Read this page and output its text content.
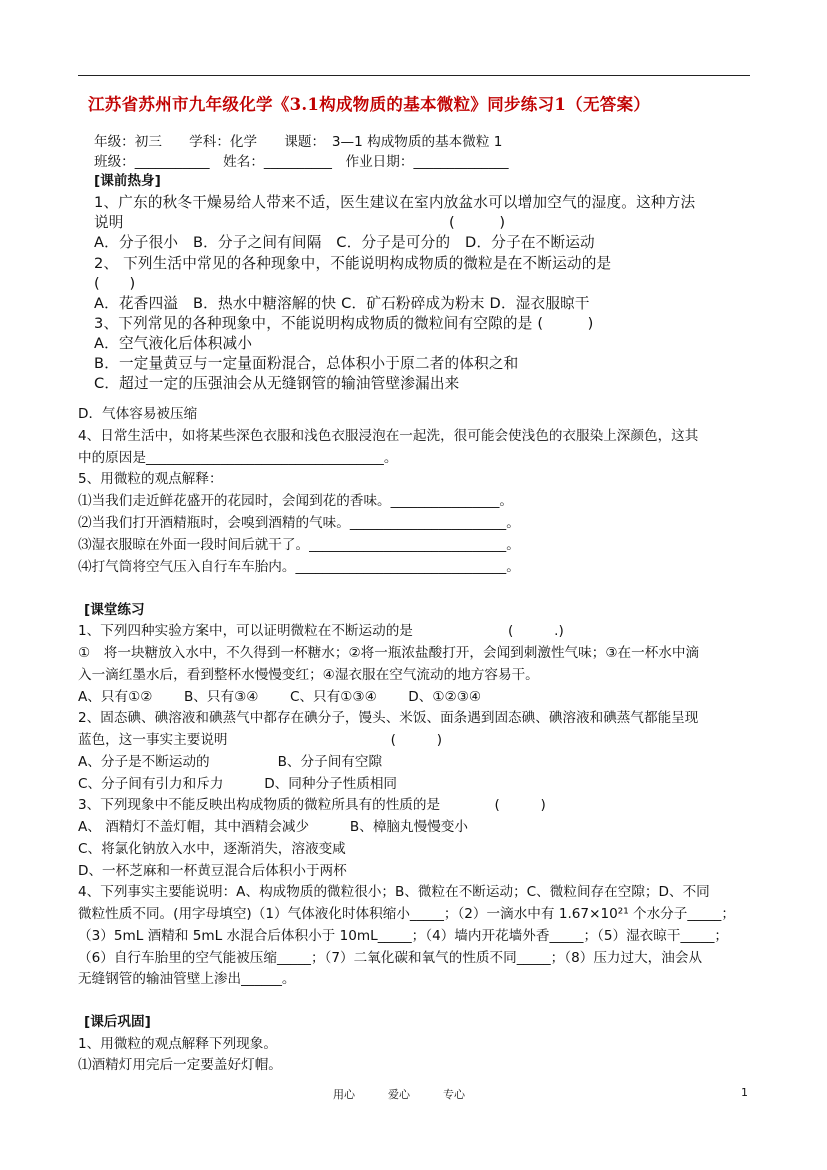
江苏省苏州市九年级化学《3.1构成物质的基本微粒》同步练习1（无答案）
年级：初三　　学科：化学　　课题：　3—1 构成物质的基本微粒 1
班级：___________　姓名：__________　作业日期：______________
[课前热身]
1、广东的秋冬干燥易给人带来不适，医生建议在室内放盆水可以增加空气的湿度。这种方法
说明　　　　　　　　　　　　　　　　　　　　　　(　　　)
A．分子很小　B．分子之间有间隔　C．分子是可分的　D．分子在不断运动
2、 下列生活中常见的各种现象中，不能说明构成物质的微粒是在不断运动的是
(　　)
A．花香四溢　B．热水中糖溶解的快 C．矿石粉碎成为粉末 D．湿衣服晾干
3、下列常见的各种现象中，不能说明构成物质的微粒间有空隙的是 (　　　)
A．空气液化后体积减小
B．一定量黄豆与一定量面粉混合，总体积小于原二者的体积之和
C．超过一定的压强油会从无缝钢管的输油管壁渗漏出来
D．气体容易被压缩
4、日常生活中，如将某些深色衣服和浅色衣服浸泡在一起洗，很可能会使浅色的衣服染上深颜色，这其
中的原因是___________________________________。
5、用微粒的观点解释：
⑴当我们走近鲜花盛开的花园时，会闻到花的香味。________________。
⑵当我们打开酒精瓶时，会嗅到酒精的气味。_______________________。
⑶湿衣服晾在外面一段时间后就干了。_____________________________。
⑷打气筒将空气压入自行车车胎内。_______________________________。
[课堂练习
1、下列四种实验方案中，可以证明微粒在不断运动的是　　　　　　　(　　　.)
①　将一块糖放入水中，不久得到一杯糖水；②将一瓶浓盐酸打开，会闻到刺激性气味；③在一杯水中滴
入一滴红墨水后，看到整杯水慢慢变红；④湿衣服在空气流动的地方容易干。
A、只有①②　　 B、只有③④　　 C、只有①③④　　 D、①②③④
2、固态碘、碘溶液和碘蒸气中都存在碘分子，馒头、米饭、面条遇到固态碘、碘溶液和碘蒸气都能呈现
蓝色，这一事实主要说明　　　　　　　　　　　　(　　　)
A、分子是不断运动的　　　　　B、分子间有空隙
C、分子间有引力和斥力　　　D、同种分子性质相同
3、下列现象中不能反映出构成物质的微粒所具有的性质的是　　　　(　　　)
A、 酒精灯不盖灯帽，其中酒精会减少　　　B、樟脑丸慢慢变小
C、将氯化钠放入水中，逐渐消失，溶液变咸
D、一杯芝麻和一杯黄豆混合后体积小于两杯
4、下列事实主要能说明：A、构成物质的微粒很小；B、微粒在不断运动；C、微粒间存在空隙；D、不同
微粒性质不同。(用字母填空)（1）气体液化时体积缩小_____；（2）一滴水中有 1.67×10²¹ 个水分子_____；
（3）5mL 酒精和 5mL 水混合后体积小于 10mL_____；（4）墙内开花墙外香_____；（5）湿衣晾干_____；
（6）自行车胎里的空气能被压缩_____；（7）二氧化碳和氧气的性质不同_____；（8）压力过大，油会从
无缝钢管的输油管壁上渗出______。
[课后巩固]
1、用微粒的观点解释下列现象。
⑴酒精灯用完后一定要盖好灯帽。
用心　　　爱心　　　专心	1
